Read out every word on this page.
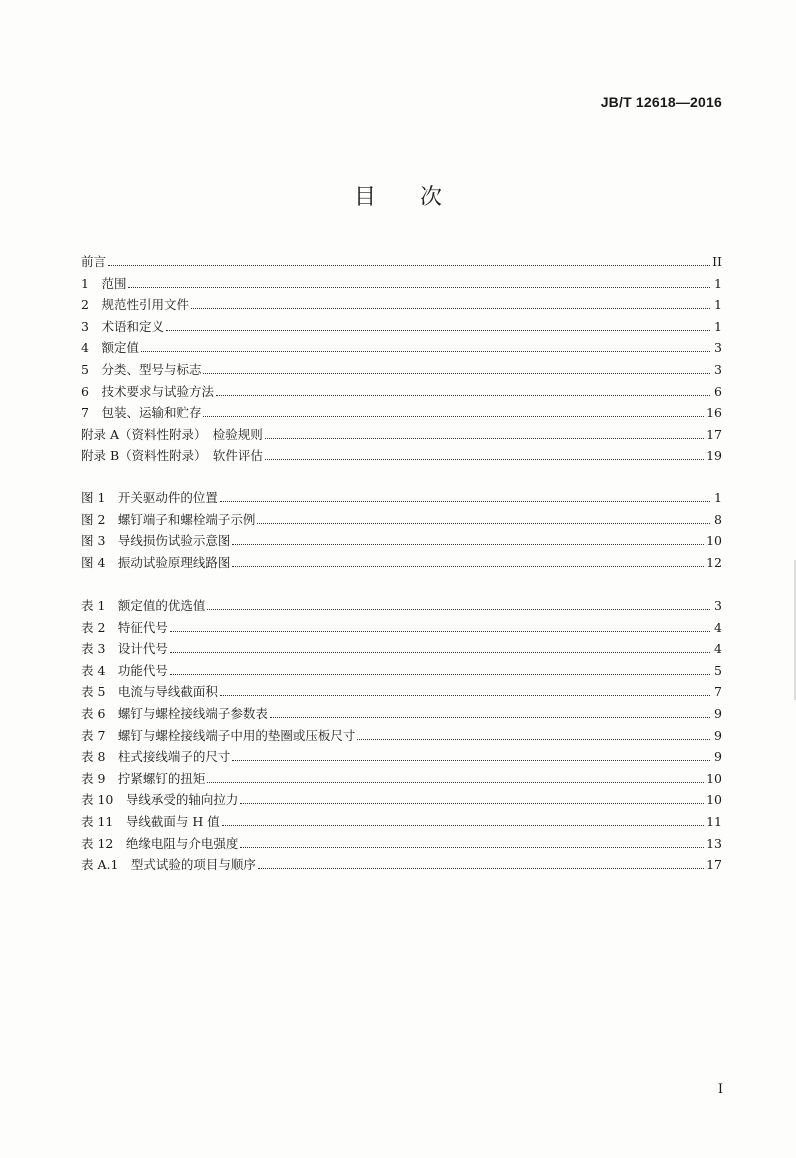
JB/T 12618—2016
目次
前言	II
1　范围	1
2　规范性引用文件	1
3　术语和定义	1
4　额定值	3
5　分类、型号与标志	3
6　技术要求与试验方法	6
7　包装、运输和贮存	16
附录 A（资料性附录）　检验规则	17
附录 B（资料性附录）　软件评估	19
图 1　开关驱动件的位置	1
图 2　螺钉端子和螺栓端子示例	8
图 3　导线损伤试验示意图	10
图 4　振动试验原理线路图	12
表 1　额定值的优选值	3
表 2　特征代号	4
表 3　设计代号	4
表 4　功能代号	5
表 5　电流与导线截面积	7
表 6　螺钉与螺栓接线端子参数表	9
表 7　螺钉与螺栓接线端子中用的垫圈或压板尺寸	9
表 8　柱式接线端子的尺寸	9
表 9　拧紧螺钉的扭矩	10
表 10　导线承受的轴向拉力	10
表 11　导线截面与 H 值	11
表 12　绝缘电阻与介电强度	13
表 A.1　型式试验的项目与顺序	17
I
